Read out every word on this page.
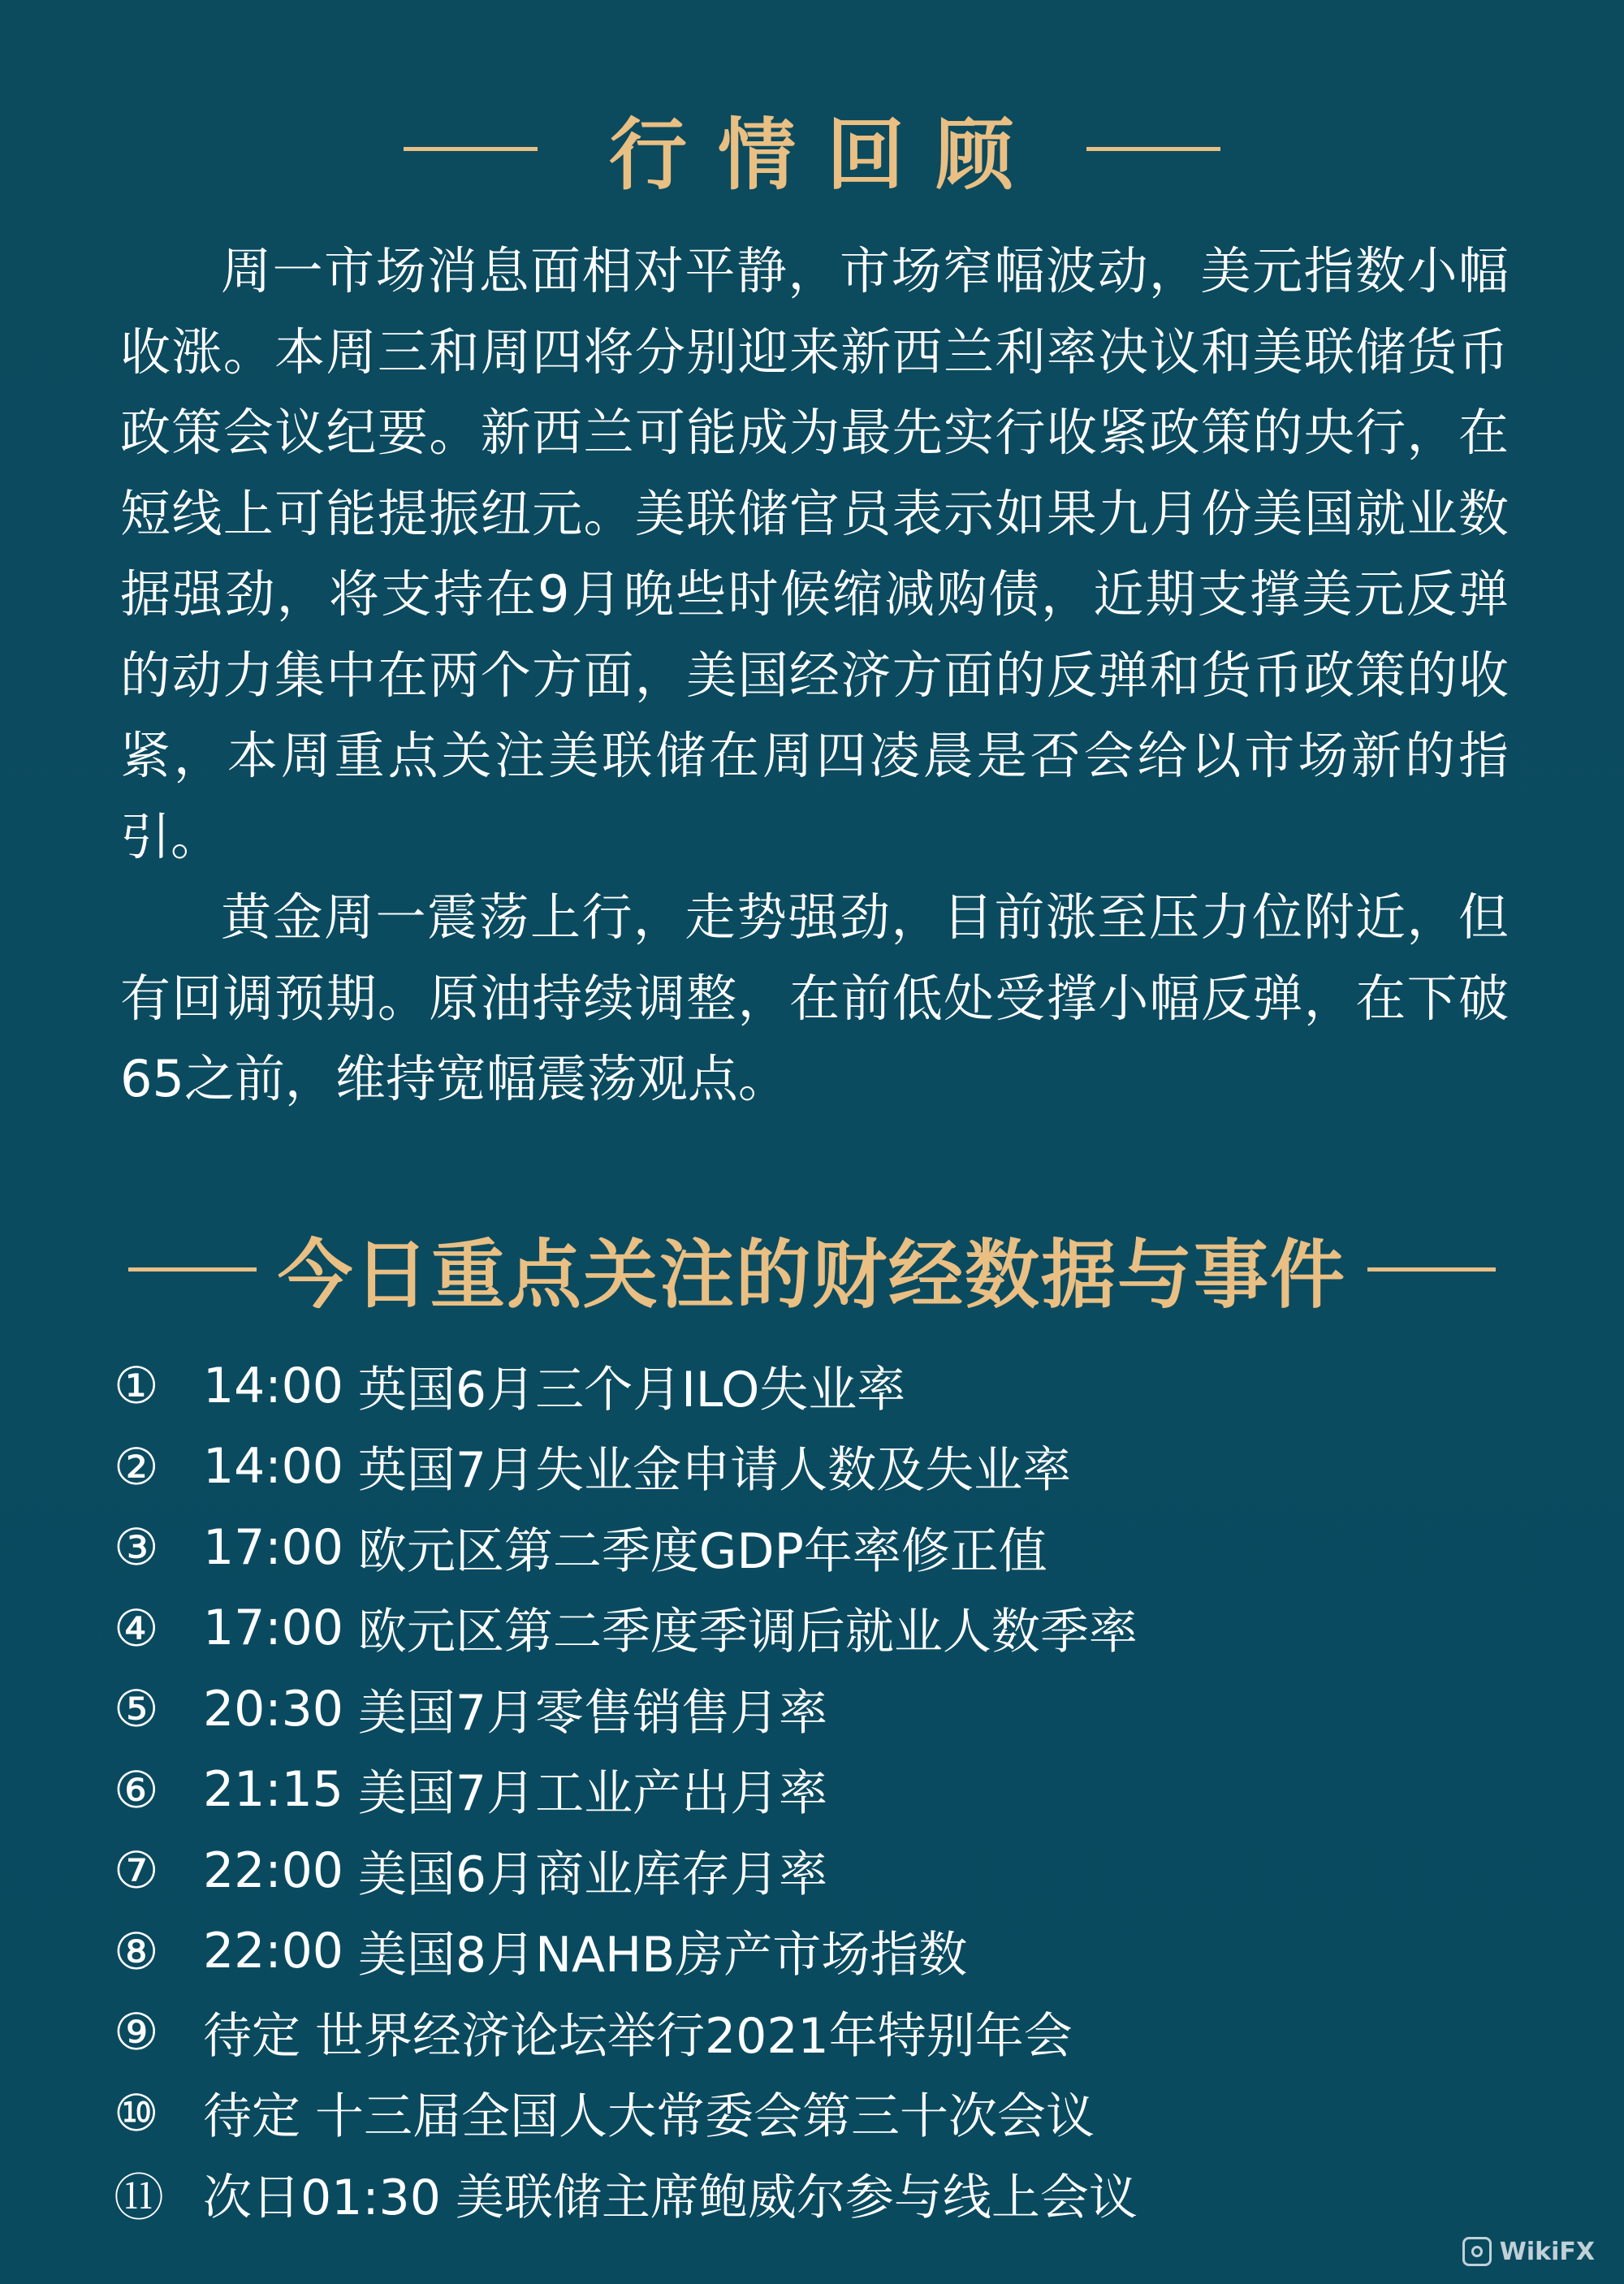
行情回顾

周一市场消息面相对平静，市场窄幅波动，美元指数小幅收涨。本周三和周四将分别迎来新西兰利率决议和美联储货币政策会议纪要。新西兰可能成为最先实行收紧政策的央行，在短线上可能提振纽元。美联储官员表示如果九月份美国就业数据强劲，将支持在9月晚些时候缩减购债，近期支撑美元反弹的动力集中在两个方面，美国经济方面的反弹和货币政策的收紧，本周重点关注美联储在周四凌晨是否会给以市场新的指引。

黄金周一震荡上行，走势强劲，目前涨至压力位附近，但有回调预期。原油持续调整，在前低处受撑小幅反弹，在下破65之前，维持宽幅震荡观点。

今日重点关注的财经数据与事件
① 14:00 英国6月三个月ILO失业率
② 14:00 英国7月失业金申请人数及失业率
③ 17:00 欧元区第二季度GDP年率修正值
④ 17:00 欧元区第二季度季调后就业人数季率
⑤ 20:30 美国7月零售销售月率
⑥ 21:15 美国7月工业产出月率
⑦ 22:00 美国6月商业库存月率
⑧ 22:00 美国8月NAHB房产市场指数
⑨ 待定 世界经济论坛举行2021年特别年会
⑩ 待定 十三届全国人大常委会第三十次会议
⑪ 次日01:30 美联储主席鲍威尔参与线上会议
WikiFX
